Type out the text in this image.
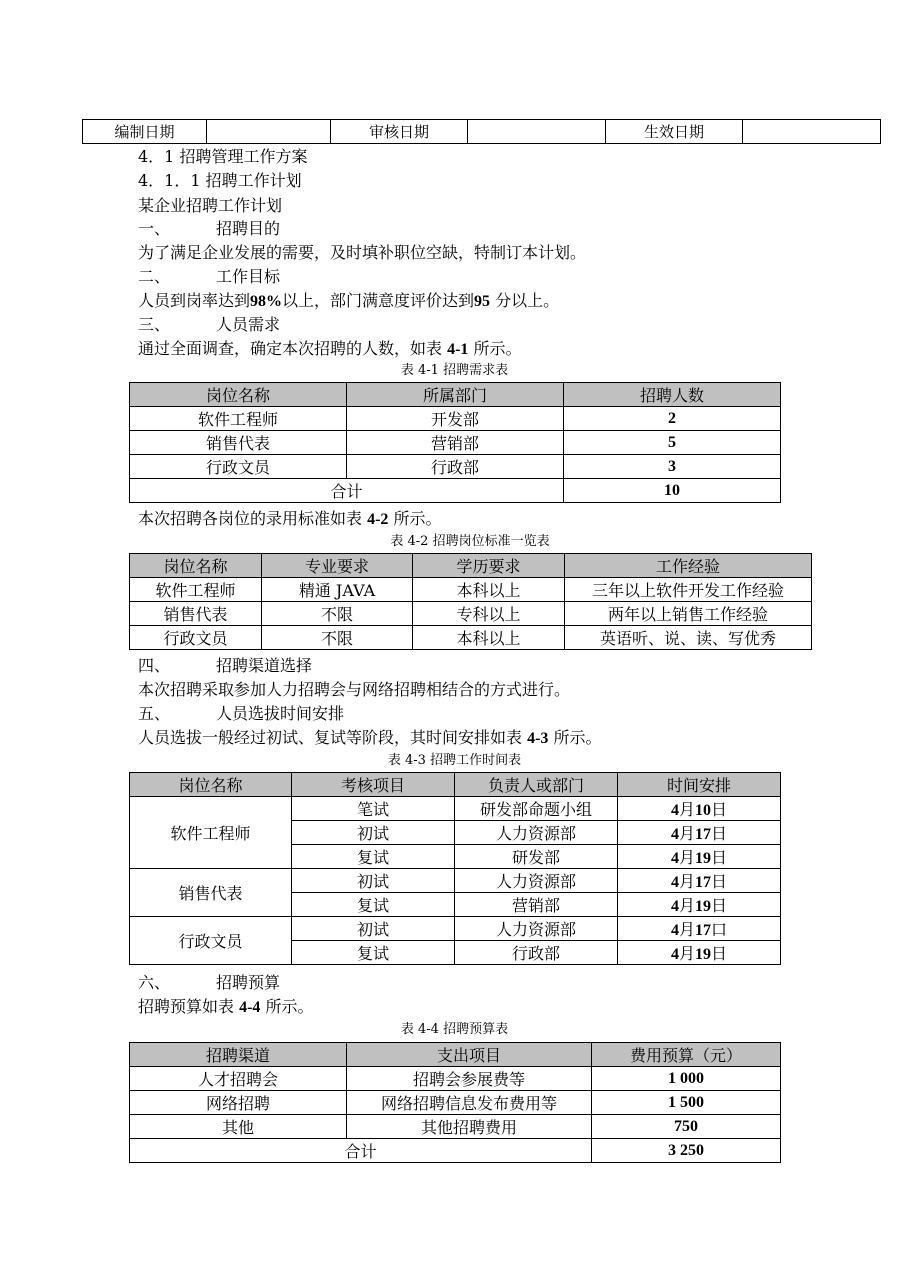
编制日期		审核日期		生效日期	
4．1 招聘管理工作方案
4．1．1 招聘工作计划
某企业招聘工作计划
一、	招聘目的
为了满足企业发展的需要，及时填补职位空缺，特制订本计划。
二、	工作目标
人员到岗率达到98%以上，部门满意度评价达到95 分以上。
三、	人员需求
通过全面调查，确定本次招聘的人数，如表 4-1 所示。
表 4-1 招聘需求表
岗位名称	所属部门	招聘人数
软件工程师	开发部	2
销售代表	营销部	5
行政文员	行政部	3
合计		10
本次招聘各岗位的录用标准如表 4-2 所示。
表 4-2 招聘岗位标准一览表
岗位名称	专业要求	学历要求	工作经验
软件工程师	精通 JAVA	本科以上	三年以上软件开发工作经验
销售代表	不限	专科以上	两年以上销售工作经验
行政文员	不限	本科以上	英语听、说、读、写优秀
四、	招聘渠道选择
本次招聘采取参加人力招聘会与网络招聘相结合的方式进行。
五、	人员选拔时间安排
人员选拔一般经过初试、复试等阶段，其时间安排如表 4-3 所示。
表 4-3 招聘工作时间表
岗位名称	考核项目	负责人或部门	时间安排
软件工程师	笔试	研发部命题小组	4月10日
	初试	人力资源部	4月17日
	复试	研发部	4月19日
销售代表	初试	人力资源部	4月17日
	复试	营销部	4月19日
行政文员	初试	人力资源部	4月17口
	复试	行政部	4月19日
六、	招聘预算
招聘预算如表 4-4 所示。
表 4-4 招聘预算表
招聘渠道	支出项目	费用预算（元）
人才招聘会	招聘会参展费等	1 000
网络招聘	网络招聘信息发布费用等	1 500
其他	其他招聘费用	750
合计		3 250
